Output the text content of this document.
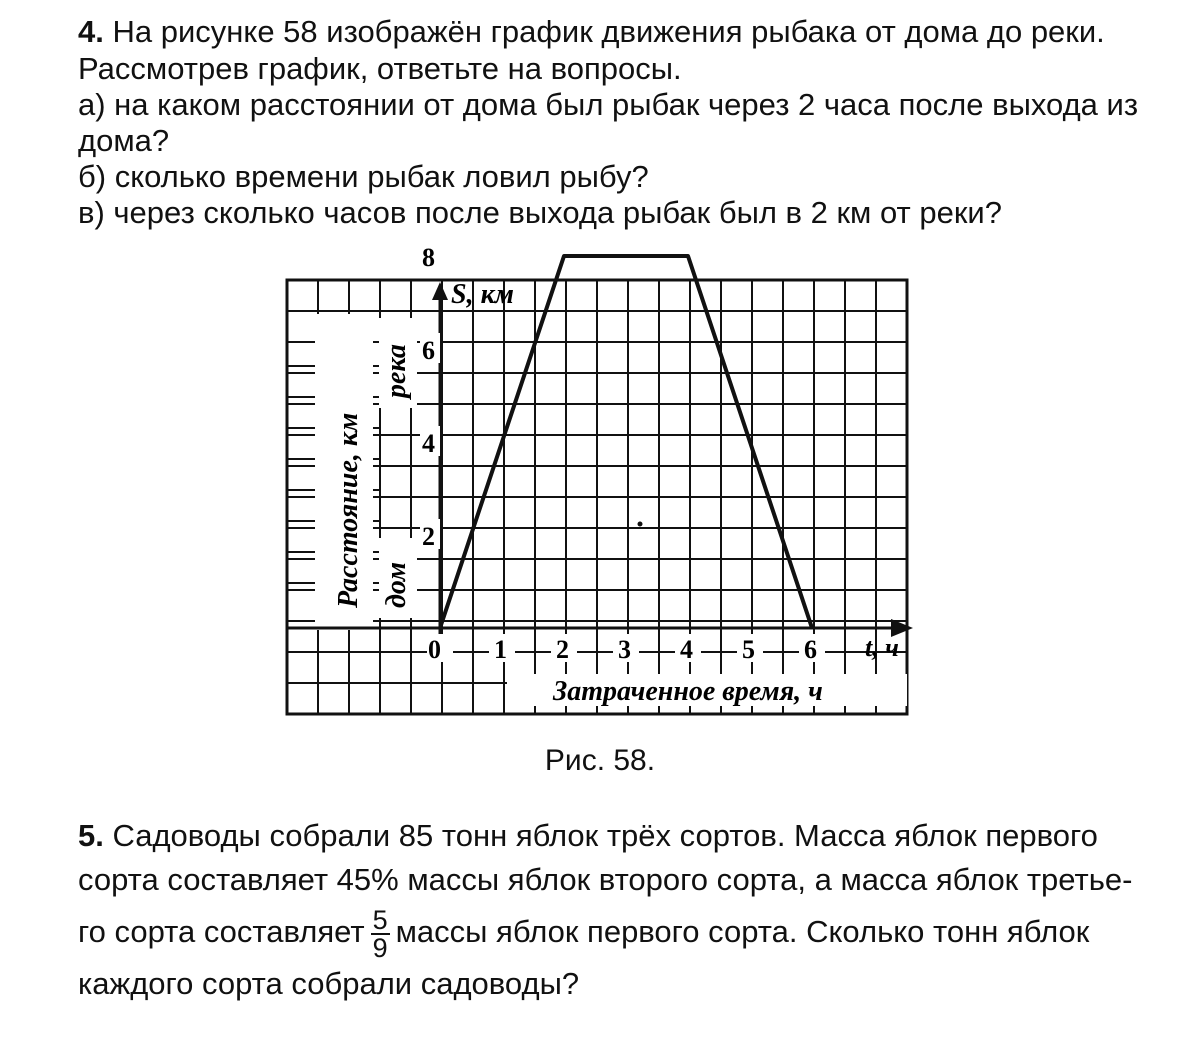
4. На рисунке 58 изображён график движения рыбака от дома до реки.
Рассмотрев график, ответьте на вопросы.
а) на каком расстоянии от дома был рыбак через 2 часа после выхода из
дома?
б) сколько времени рыбак ловил рыбу?
в) через сколько часов после выхода рыбак был в 2 км от реки?
0 1 2 3 4 5 6
2
4
6
8
S, км
t, ч
Расстояние, км
река
дом
Затраченное время, ч
Рис. 58.
5. Садоводы собрали 85 тонн яблок трёх сортов. Масса яблок первого
сорта составляет 45% массы яблок второго сорта, а масса яблок третье-
го сорта составляет $\frac{5}{9}$ массы яблок первого сорта. Сколько тонн яблок
каждого сорта собрали садоводы?
